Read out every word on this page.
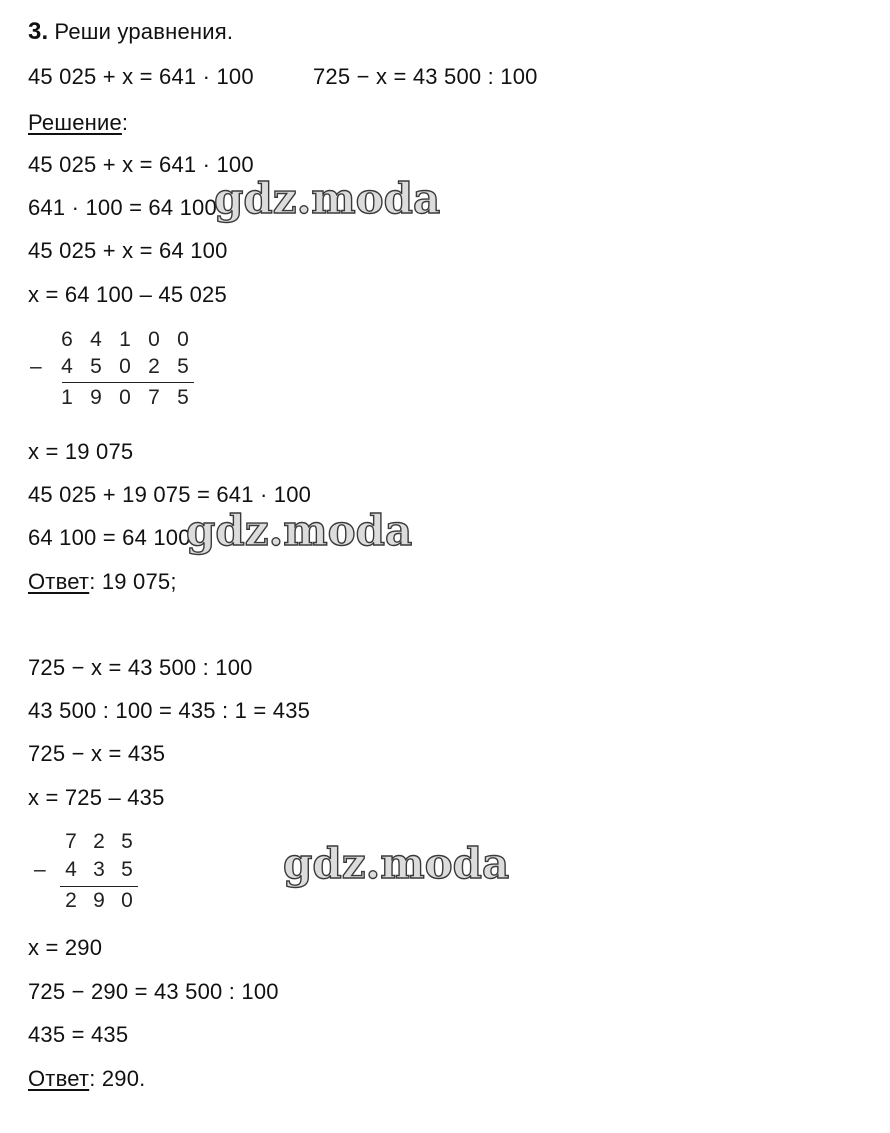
3. Реши уравнения.
45 025 + x = 641 · 100	725 − x = 43 500 : 100
Решение:
45 025 + x = 641 · 100
641 · 100 = 64 100
45 025 + x = 64 100
x = 64 100 – 45 025
6 4 1 0 0
– 4 5 0 2 5
1 9 0 7 5
x = 19 075
45 025 + 19 075 = 641 · 100
64 100 = 64 100
Ответ: 19 075;
725 − x = 43 500 : 100
43 500 : 100 = 435 : 1 = 435
725 − x = 435
x = 725 – 435
7 2 5
– 4 3 5
2 9 0
x = 290
725 − 290 = 43 500 : 100
435 = 435
Ответ: 290.
gdz.moda
gdz.moda
gdz.moda
